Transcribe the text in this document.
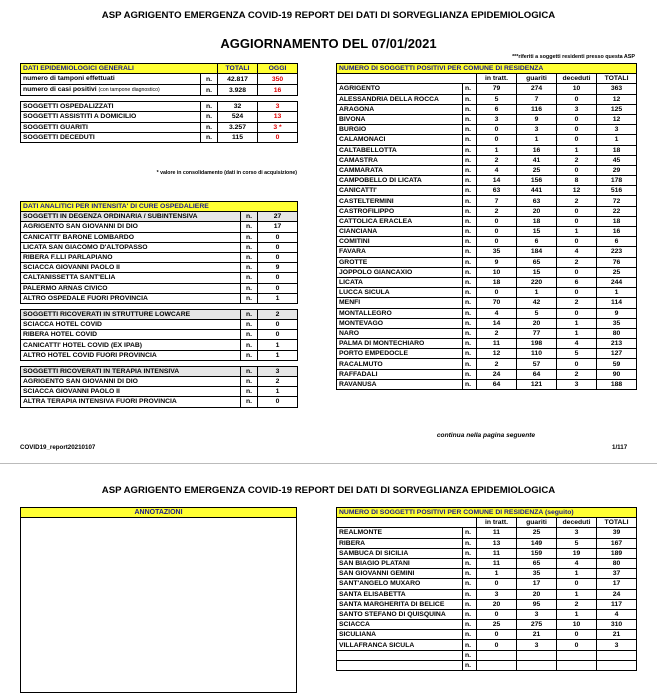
ASP AGRIGENTO EMERGENZA COVID-19 REPORT DEI DATI DI SORVEGLIANZA EPIDEMIOLOGICA
AGGIORNAMENTO DEL 07/01/2021
***riferiti a soggetti residenti presso questa ASP
DATI EPIDEMIOLOGICI GENERALI		TOTALI	OGGI
numero di tamponi effettuati	n.	42.817	350
numero di casi positivi (con tampone diagnostico)	n.	3.928	16

SOGGETTI OSPEDALIZZATI	n.	32	3
SOGGETTI ASSISTITI A DOMICILIO	n.	524	13
SOGGETTI GUARITI	n.	3.257	3 *
SOGGETTI DECEDUTI	n.	115	0
* valore in consolidamento (dati in corso di acquisizione)
DATI ANALITICI PER INTENSITA' DI CURE OSPEDALIERE		
SOGGETTI IN DEGENZA ORDINARIA / SUBINTENSIVA	n.	27
AGRIGENTO SAN GIOVANNI DI DIO	n.	17
CANICATTI' BARONE LOMBARDO	n.	0
LICATA SAN GIACOMO D'ALTOPASSO	n.	0
RIBERA F.LLI PARLAPIANO	n.	0
SCIACCA GIOVANNI PAOLO II	n.	9
CALTANISSETTA SANT'ELIA	n.	0
PALERMO ARNAS CIVICO	n.	0
ALTRO OSPEDALE FUORI PROVINCIA	n.	1

SOGGETTI RICOVERATI IN STRUTTURE LOWCARE	n.	2
SCIACCA HOTEL COVID	n.	0
RIBERA HOTEL COVID	n.	0
CANICATTI' HOTEL COVID (EX IPAB)	n.	1
ALTRO HOTEL COVID FUORI PROVINCIA	n.	1

SOGGETTI RICOVERATI IN TERAPIA INTENSIVA	n.	3
AGRIGENTO SAN GIOVANNI DI DIO	n.	2
SCIACCA GIOVANNI PAOLO II	n.	1
ALTRA TERAPIA INTENSIVA FUORI PROVINCIA	n.	0
COVID19_report20210107	1/117
NUMERO DI SOGGETTI POSITIVI PER COMUNE DI RESIDENZA					
		in tratt.	guariti	deceduti	TOTALI
AGRIGENTO	n.	79	274	10	363
ALESSANDRIA DELLA ROCCA	n.	5	7	0	12
ARAGONA	n.	6	116	3	125
BIVONA	n.	3	9	0	12
BURGIO	n.	0	3	0	3
CALAMONACI	n.	0	1	0	1
CALTABELLOTTA	n.	1	16	1	18
CAMASTRA	n.	2	41	2	45
CAMMARATA	n.	4	25	0	29
CAMPOBELLO DI LICATA	n.	14	156	8	178
CANICATTI'	n.	63	441	12	516
CASTELTERMINI	n.	7	63	2	72
CASTROFILIPPO	n.	2	20	0	22
CATTOLICA ERACLEA	n.	0	18	0	18
CIANCIANA	n.	0	15	1	16
COMITINI	n.	0	6	0	6
FAVARA	n.	35	184	4	223
GROTTE	n.	9	65	2	76
JOPPOLO GIANCAXIO	n.	10	15	0	25
LICATA	n.	18	220	6	244
LUCCA SICULA	n.	0	1	0	1
MENFI	n.	70	42	2	114
MONTALLEGRO	n.	4	5	0	9
MONTEVAGO	n.	14	20	1	35
NARO	n.	2	77	1	80
PALMA DI MONTECHIARO	n.	11	198	4	213
PORTO EMPEDOCLE	n.	12	110	5	127
RACALMUTO	n.	2	57	0	59
RAFFADALI	n.	24	64	2	90
RAVANUSA	n.	64	121	3	188
continua nella pagina seguente
ASP AGRIGENTO EMERGENZA COVID-19 REPORT DEI DATI DI SORVEGLIANZA EPIDEMIOLOGICA
ANNOTAZIONI	NUMERO DI SOGGETTI POSITIVI PER COMUNE DI RESIDENZA (seguito)					
		in tratt.	guariti	deceduti	TOTALI
REALMONTE	n.	11	25	3	39
RIBERA	n.	13	149	5	167
SAMBUCA DI SICILIA	n.	11	159	19	189
SAN BIAGIO PLATANI	n.	11	65	4	80
SAN GIOVANNI GEMINI	n.	1	35	1	37
SANT'ANGELO MUXARO	n.	0	17	0	17
SANTA ELISABETTA	n.	3	20	1	24
SANTA MARGHERITA DI BELICE	n.	20	95	2	117
SANTO STEFANO DI QUISQUINA	n.	0	3	1	4
SCIACCA	n.	25	275	10	310
SICULIANA	n.	0	21	0	21
VILLAFRANCA SICULA	n.	0	3	0	3
	n.				
	n.				
